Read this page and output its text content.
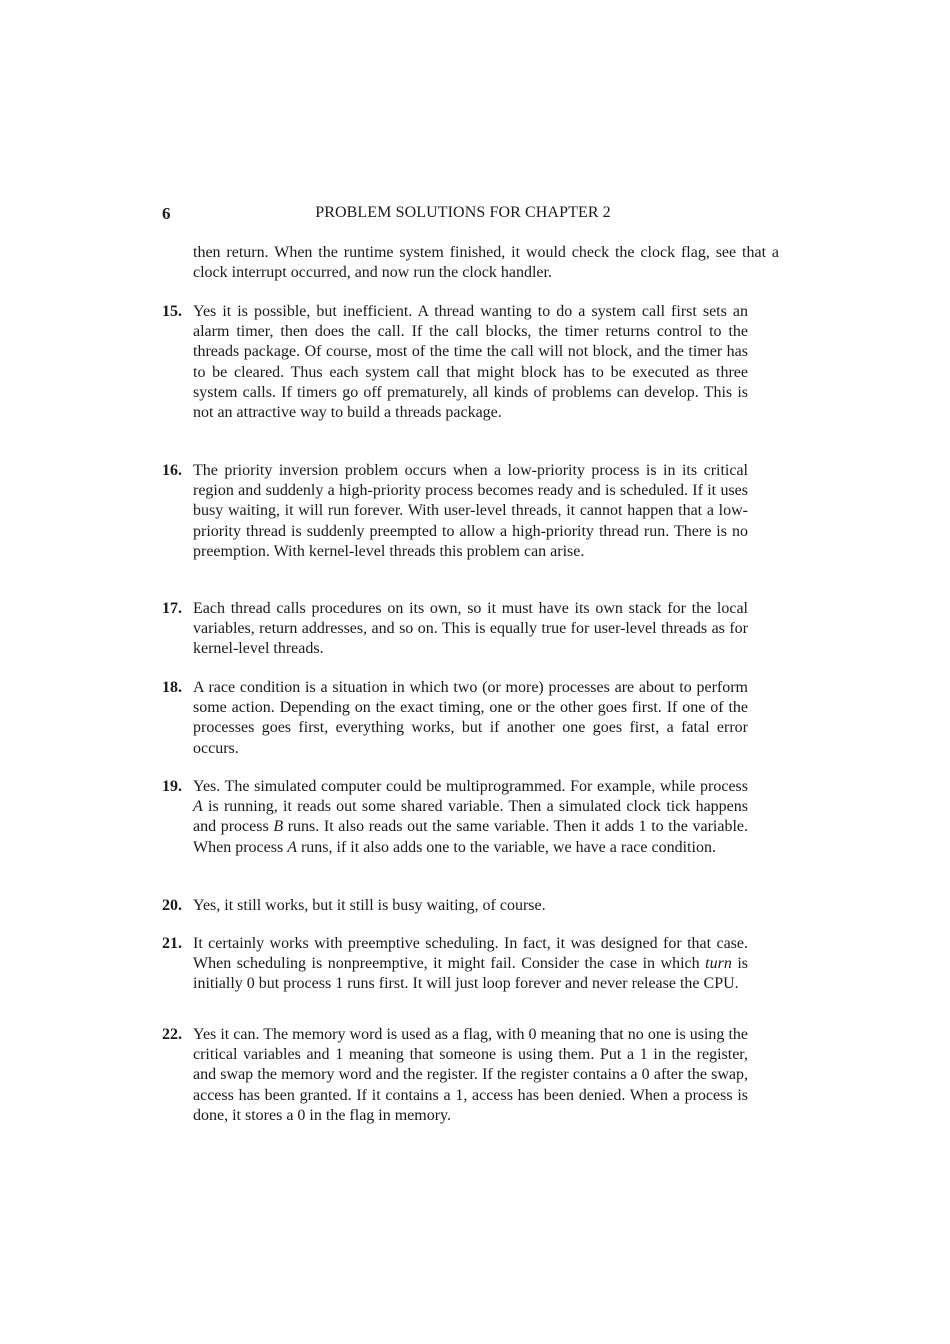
6	PROBLEM SOLUTIONS FOR CHAPTER 2
then return. When the runtime system finished, it would check the clock flag, see that a clock interrupt occurred, and now run the clock handler.
15. Yes it is possible, but inefficient. A thread wanting to do a system call first sets an alarm timer, then does the call. If the call blocks, the timer returns control to the threads package. Of course, most of the time the call will not block, and the timer has to be cleared. Thus each system call that might block has to be executed as three system calls. If timers go off prematurely, all kinds of problems can develop. This is not an attractive way to build a threads package.
16. The priority inversion problem occurs when a low-priority process is in its critical region and suddenly a high-priority process becomes ready and is scheduled. If it uses busy waiting, it will run forever. With user-level threads, it cannot happen that a low-priority thread is suddenly preempted to allow a high-priority thread run. There is no preemption. With kernel-level threads this problem can arise.
17. Each thread calls procedures on its own, so it must have its own stack for the local variables, return addresses, and so on. This is equally true for user-level threads as for kernel-level threads.
18. A race condition is a situation in which two (or more) processes are about to perform some action. Depending on the exact timing, one or the other goes first. If one of the processes goes first, everything works, but if another one goes first, a fatal error occurs.
19. Yes. The simulated computer could be multiprogrammed. For example, while process A is running, it reads out some shared variable. Then a simulated clock tick happens and process B runs. It also reads out the same variable. Then it adds 1 to the variable. When process A runs, if it also adds one to the variable, we have a race condition.
20. Yes, it still works, but it still is busy waiting, of course.
21. It certainly works with preemptive scheduling. In fact, it was designed for that case. When scheduling is nonpreemptive, it might fail. Consider the case in which turn is initially 0 but process 1 runs first. It will just loop forever and never release the CPU.
22. Yes it can. The memory word is used as a flag, with 0 meaning that no one is using the critical variables and 1 meaning that someone is using them. Put a 1 in the register, and swap the memory word and the register. If the register contains a 0 after the swap, access has been granted. If it contains a 1, access has been denied. When a process is done, it stores a 0 in the flag in memory.
